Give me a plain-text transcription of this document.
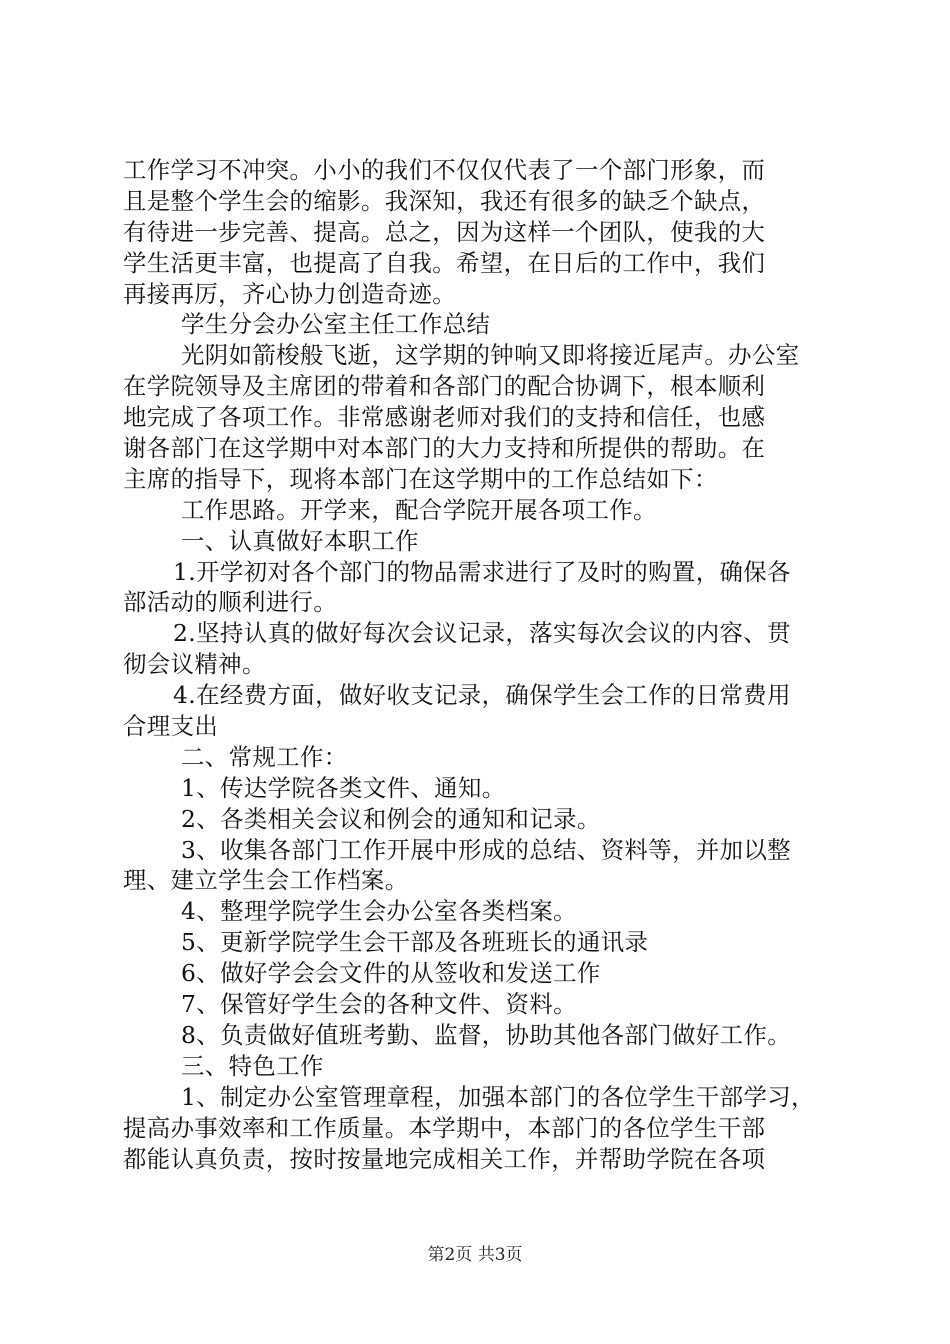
工作学习不冲突。小小的我们不仅仅代表了一个部门形象，而
且是整个学生会的缩影。我深知，我还有很多的缺乏个缺点，
有待进一步完善、提高。总之，因为这样一个团队，使我的大
学生活更丰富，也提高了自我。希望，在日后的工作中，我们
再接再厉，齐心协力创造奇迹。
学生分会办公室主任工作总结
光阴如箭梭般飞逝，这学期的钟响又即将接近尾声。办公室
在学院领导及主席团的带着和各部门的配合协调下，根本顺利
地完成了各项工作。非常感谢老师对我们的支持和信任，也感
谢各部门在这学期中对本部门的大力支持和所提供的帮助。在
主席的指导下，现将本部门在这学期中的工作总结如下：
工作思路。开学来，配合学院开展各项工作。
一、认真做好本职工作
1.开学初对各个部门的物品需求进行了及时的购置，确保各
部活动的顺利进行。
2.坚持认真的做好每次会议记录，落实每次会议的内容、贯
彻会议精神。
4.在经费方面，做好收支记录，确保学生会工作的日常费用
合理支出
二、常规工作：
1、传达学院各类文件、通知。
2、各类相关会议和例会的通知和记录。
3、收集各部门工作开展中形成的总结、资料等，并加以整
理、建立学生会工作档案。
4、整理学院学生会办公室各类档案。
5、更新学院学生会干部及各班班长的通讯录
6、做好学会会文件的从签收和发送工作
7、保管好学生会的各种文件、资料。
8、负责做好值班考勤、监督，协助其他各部门做好工作。
三、特色工作
1、制定办公室管理章程，加强本部门的各位学生干部学习，
提高办事效率和工作质量。本学期中，本部门的各位学生干部
都能认真负责，按时按量地完成相关工作，并帮助学院在各项
第2页 共3页
